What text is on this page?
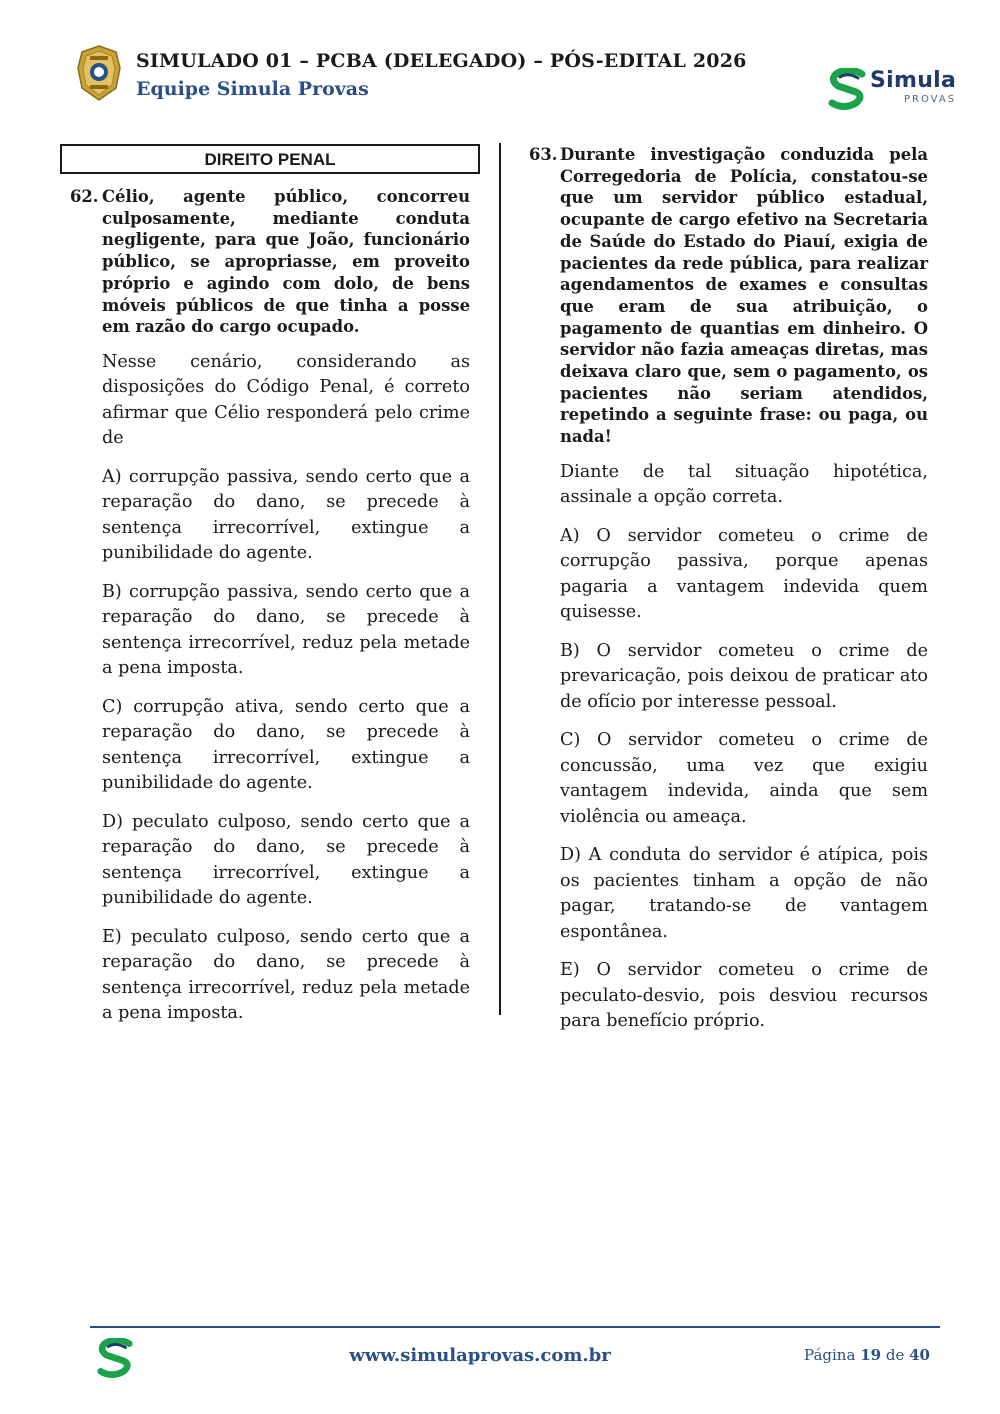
SIMULADO 01 – PCBA (DELEGADO) – PÓS-EDITAL 2026
Equipe Simula Provas	Simula
PROVAS
DIREITO PENAL
62. Célio, agente público, concorreu culposamente, mediante conduta negligente, para que João, funcionário público, se apropriasse, em proveito próprio e agindo com dolo, de bens móveis públicos de que tinha a posse em razão do cargo ocupado.
Nesse cenário, considerando as disposições do Código Penal, é correto afirmar que Célio responderá pelo crime de
A) corrupção passiva, sendo certo que a reparação do dano, se precede à sentença irrecorrível, extingue a punibilidade do agente.
B) corrupção passiva, sendo certo que a reparação do dano, se precede à sentença irrecorrível, reduz pela metade a pena imposta.
C) corrupção ativa, sendo certo que a reparação do dano, se precede à sentença irrecorrível, extingue a punibilidade do agente.
D) peculato culposo, sendo certo que a reparação do dano, se precede à sentença irrecorrível, extingue a punibilidade do agente.
E) peculato culposo, sendo certo que a reparação do dano, se precede à sentença irrecorrível, reduz pela metade a pena imposta.
63. Durante investigação conduzida pela Corregedoria de Polícia, constatou-se que um servidor público estadual, ocupante de cargo efetivo na Secretaria de Saúde do Estado do Piauí, exigia de pacientes da rede pública, para realizar agendamentos de exames e consultas que eram de sua atribuição, o pagamento de quantias em dinheiro. O servidor não fazia ameaças diretas, mas deixava claro que, sem o pagamento, os pacientes não seriam atendidos, repetindo a seguinte frase: ou paga, ou nada!
Diante de tal situação hipotética, assinale a opção correta.
A) O servidor cometeu o crime de corrupção passiva, porque apenas pagaria a vantagem indevida quem quisesse.
B) O servidor cometeu o crime de prevaricação, pois deixou de praticar ato de ofício por interesse pessoal.
C) O servidor cometeu o crime de concussão, uma vez que exigiu vantagem indevida, ainda que sem violência ou ameaça.
D) A conduta do servidor é atípica, pois os pacientes tinham a opção de não pagar, tratando-se de vantagem espontânea.
E) O servidor cometeu o crime de peculato-desvio, pois desviou recursos para benefício próprio.
www.simulaprovas.com.br	Página 19 de 40
